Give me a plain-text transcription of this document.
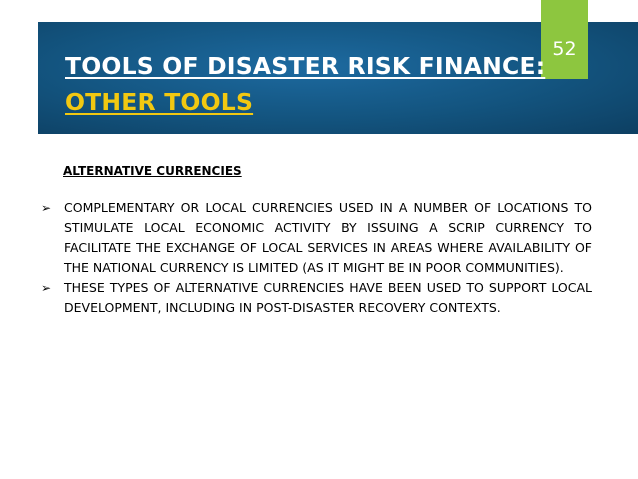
52
TOOLS OF DISASTER RISK FINANCE:
OTHER TOOLS
ALTERNATIVE CURRENCIES
➢ COMPLEMENTARY OR LOCAL CURRENCIES USED IN A NUMBER OF LOCATIONS TO STIMULATE LOCAL ECONOMIC ACTIVITY BY ISSUING A SCRIP CURRENCY TO FACILITATE THE EXCHANGE OF LOCAL SERVICES IN AREAS WHERE AVAILABILITY OF THE NATIONAL CURRENCY IS LIMITED (AS IT MIGHT BE IN POOR COMMUNITIES).
➢ THESE TYPES OF ALTERNATIVE CURRENCIES HAVE BEEN USED TO SUPPORT LOCAL DEVELOPMENT, INCLUDING IN POST-DISASTER RECOVERY CONTEXTS.
